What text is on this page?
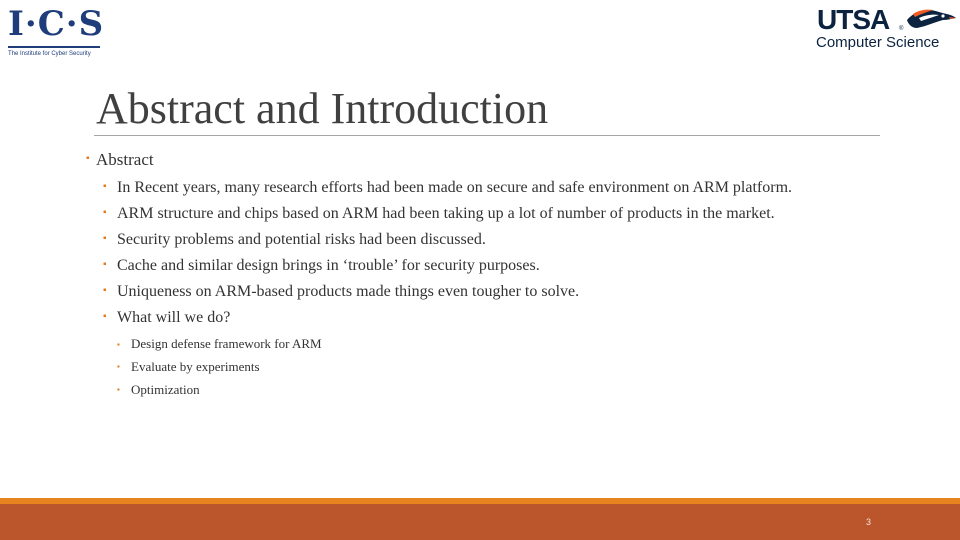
I·C·S
The Institute for Cyber Security
UTSA ®
Computer Science
Abstract and Introduction
▪ Abstract
▪ In Recent years, many research efforts had been made on secure and safe environment on ARM platform.
▪ ARM structure and chips based on ARM had been taking up a lot of number of products in the market.
▪ Security problems and potential risks had been discussed.
▪ Cache and similar design brings in ‘trouble’ for security purposes.
▪ Uniqueness on ARM-based products made things even tougher to solve.
▪ What will we do?
▪ Design defense framework for ARM
▪ Evaluate by experiments
▪ Optimization
3
